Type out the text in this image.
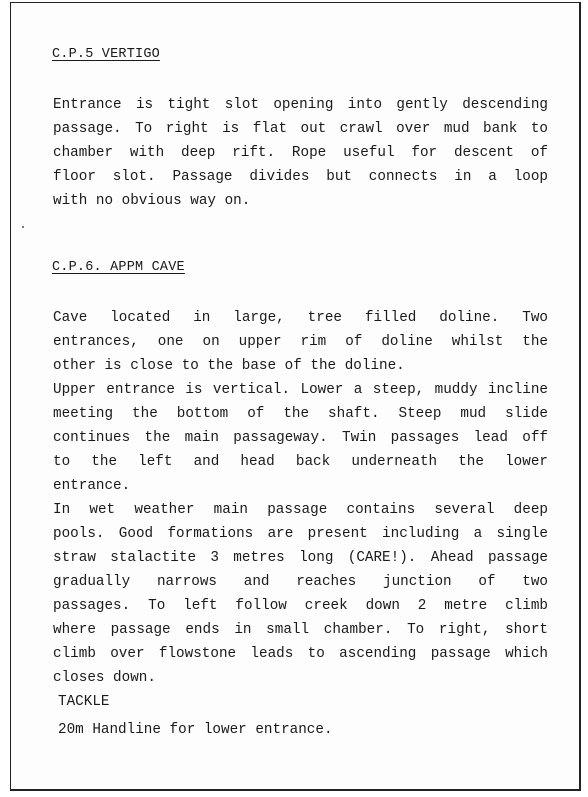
C.P.5 VERTIGO

Entrance is tight slot opening into gently descending
passage. To right is flat out crawl over mud bank to
chamber with deep rift. Rope useful for descent of
floor slot. Passage divides but connects in a loop
with no obvious way on.

C.P.6. APPM CAVE

Cave located in large, tree filled doline. Two
entrances, one on upper rim of doline whilst the
other is close to the base of the doline.
Upper entrance is vertical. Lower a steep, muddy incline
meeting the bottom of the shaft. Steep mud slide
continues the main passageway. Twin passages lead off
to the left and head back underneath the lower
entrance.
In wet weather main passage contains several deep
pools. Good formations are present including a single
straw stalactite 3 metres long (CARE!). Ahead passage
gradually narrows and reaches junction of two
passages. To left follow creek down 2 metre climb
where passage ends in small chamber. To right, short
climb over flowstone leads to ascending passage which
closes down.

TACKLE

20m Handline for lower entrance.
